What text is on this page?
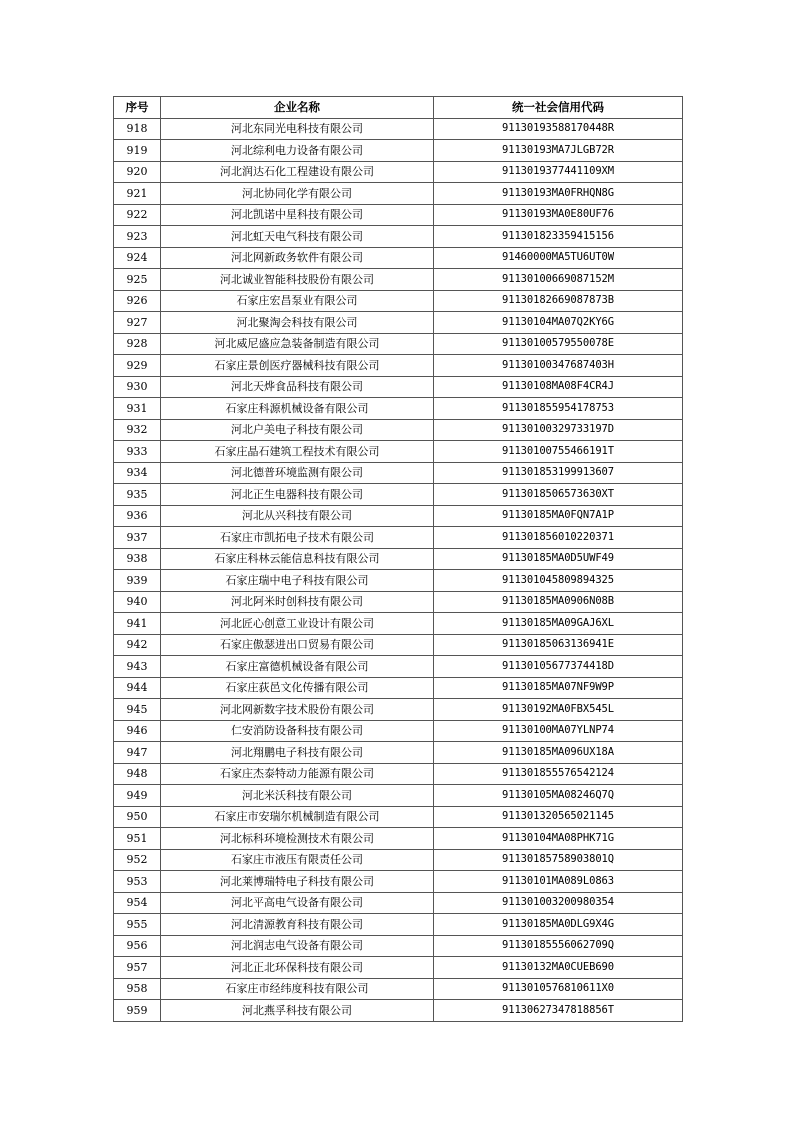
序号	企业名称	统一社会信用代码
918	河北东同光电科技有限公司	91130193588170448R
919	河北综利电力设备有限公司	91130193MA7JLGB72R
920	河北润达石化工程建设有限公司	9113019377441109XM
921	河北协同化学有限公司	91130193MA0FRHQN8G
922	河北凯诺中星科技有限公司	91130193MA0E80UF76
923	河北虹天电气科技有限公司	911301823359415156
924	河北网新政务软件有限公司	91460000MA5TU6UT0W
925	河北诚业智能科技股份有限公司	91130100669087152M
926	石家庄宏昌泵业有限公司	91130182669087873B
927	河北聚淘会科技有限公司	91130104MA07Q2KY6G
928	河北威尼盛应急装备制造有限公司	91130100579550078E
929	石家庄景创医疗器械科技有限公司	91130100347687403H
930	河北天烨食品科技有限公司	91130108MA08F4CR4J
931	石家庄科源机械设备有限公司	911301855954178753
932	河北户美电子科技有限公司	91130100329733197D
933	石家庄晶石建筑工程技术有限公司	91130100755466191T
934	河北德普环境监测有限公司	911301853199913607
935	河北正生电器科技有限公司	9113018506573630XT
936	河北从兴科技有限公司	91130185MA0FQN7A1P
937	石家庄市凯拓电子技术有限公司	911301856010220371
938	石家庄科林云能信息科技有限公司	91130185MA0D5UWF49
939	石家庄瑞中电子科技有限公司	911301045809894325
940	河北阿米时创科技有限公司	91130185MA0906N08B
941	河北匠心创意工业设计有限公司	91130185MA09GAJ6XL
942	石家庄傲瑟进出口贸易有限公司	91130185063136941E
943	石家庄富德机械设备有限公司	91130105677374418D
944	石家庄荻邑文化传播有限公司	91130185MA07NF9W9P
945	河北网新数字技术股份有限公司	91130192MA0FBX545L
946	仁安消防设备科技有限公司	91130100MA07YLNP74
947	河北翔鹏电子科技有限公司	91130185MA096UX18A
948	石家庄杰泰特动力能源有限公司	911301855576542124
949	河北米沃科技有限公司	91130105MA08246Q7Q
950	石家庄市安瑞尔机械制造有限公司	911301320565021145
951	河北标科环境检测技术有限公司	91130104MA08PHK71G
952	石家庄市液压有限责任公司	91130185758903801Q
953	河北莱博瑞特电子科技有限公司	91130101MA089L0863
954	河北平高电气设备有限公司	911301003200980354
955	河北清源教育科技有限公司	91130185MA0DLG9X4G
956	河北润志电气设备有限公司	91130185556062709Q
957	河北正北环保科技有限公司	91130132MA0CUEB690
958	石家庄市经纬度科技有限公司	9113010576810611X0
959	河北燕孚科技有限公司	91130627347818856T
